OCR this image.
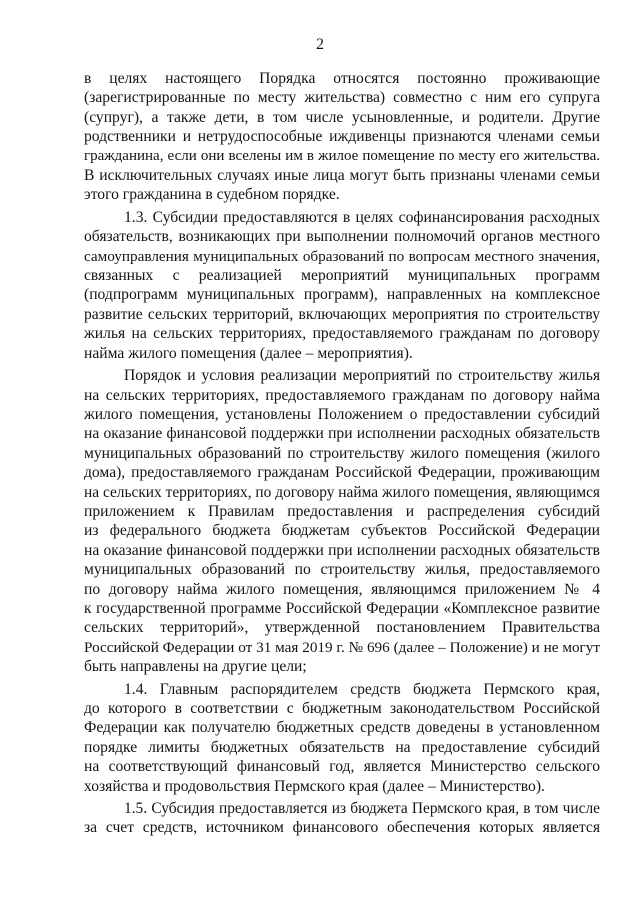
2

в целях настоящего Порядка относятся постоянно проживающие

(зарегистрированные по месту жительства) совместно с ним его супруга

(супруг), а также дети, в том числе усыновленные, и родители. Другие

родственники и нетрудоспособные иждивенцы признаются членами семьи

гражданина, если они вселены им в жилое помещение по месту его жительства.

В исключительных случаях иные лица могут быть признаны членами семьи

этого гражданина в судебном порядке.

1.3. Субсидии предоставляются в целях софинансирования расходных

обязательств, возникающих при выполнении полномочий органов местного

самоуправления муниципальных образований по вопросам местного значения,

связанных с реализацией мероприятий муниципальных программ

(подпрограмм муниципальных программ), направленных на комплексное

развитие сельских территорий, включающих мероприятия по строительству

жилья на сельских территориях, предоставляемого гражданам по договору

найма жилого помещения (далее – мероприятия).

Порядок и условия реализации мероприятий по строительству жилья

на сельских территориях, предоставляемого гражданам по договору найма

жилого помещения, установлены Положением о предоставлении субсидий

на оказание финансовой поддержки при исполнении расходных обязательств

муниципальных образований по строительству жилого помещения (жилого

дома), предоставляемого гражданам Российской Федерации, проживающим

на сельских территориях, по договору найма жилого помещения, являющимся

приложением к Правилам предоставления и распределения субсидий

из федерального бюджета бюджетам субъектов Российской Федерации

на оказание финансовой поддержки при исполнении расходных обязательств

муниципальных образований по строительству жилья, предоставляемого

по договору найма жилого помещения, являющимся приложением № 4

к государственной программе Российской Федерации «Комплексное развитие

сельских территорий», утвержденной постановлением Правительства

Российской Федерации от 31 мая 2019 г. № 696 (далее – Положение) и не могут

быть направлены на другие цели;

1.4. Главным распорядителем средств бюджета Пермского края,

до которого в соответствии с бюджетным законодательством Российской

Федерации как получателю бюджетных средств доведены в установленном

порядке лимиты бюджетных обязательств на предоставление субсидий

на соответствующий финансовый год, является Министерство сельского

хозяйства и продовольствия Пермского края (далее – Министерство).

1.5. Субсидия предоставляется из бюджета Пермского края, в том числе

за счет средств, источником финансового обеспечения которых является
